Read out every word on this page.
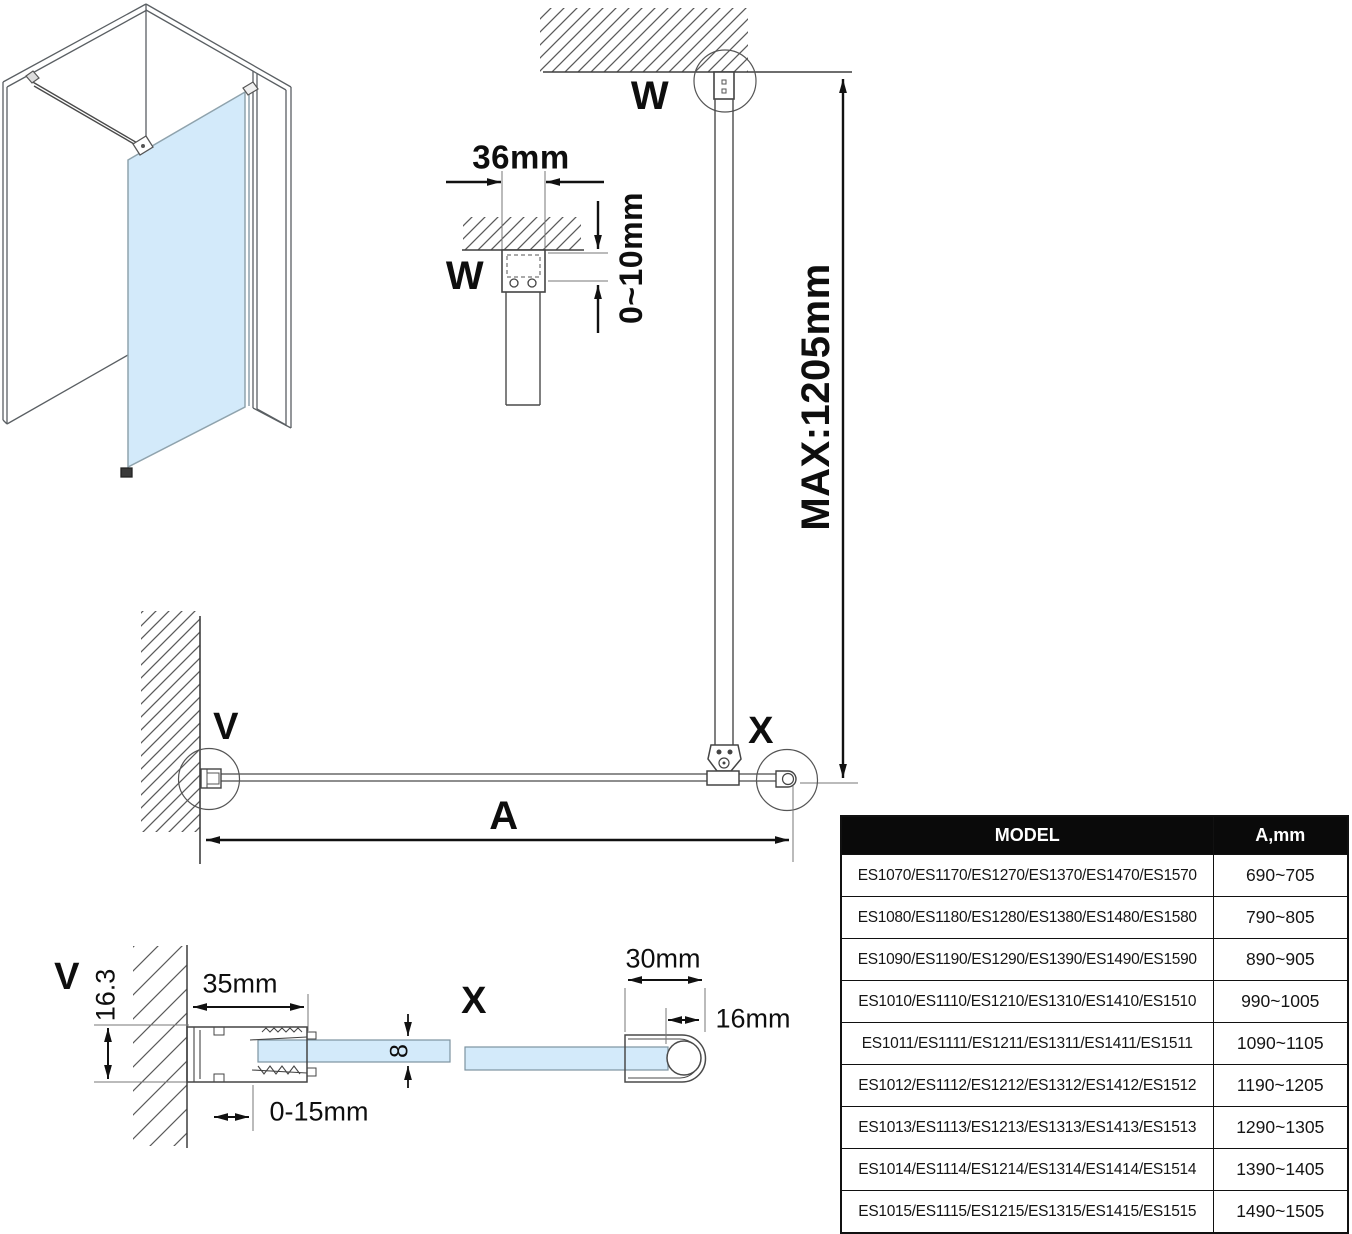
36mm
W	0~10mm
W
MAX:1205mm
V	X
A
V 16.3	35mm
0-15mm
8
X
30mm
16mm
MODEL	A,mm
ES1070/ES1170/ES1270/ES1370/ES1470/ES1570	690~705
ES1080/ES1180/ES1280/ES1380/ES1480/ES1580	790~805
ES1090/ES1190/ES1290/ES1390/ES1490/ES1590	890~905
ES1010/ES1110/ES1210/ES1310/ES1410/ES1510	990~1005
ES1011/ES1111/ES1211/ES1311/ES1411/ES1511	1090~1105
ES1012/ES1112/ES1212/ES1312/ES1412/ES1512	1190~1205
ES1013/ES1113/ES1213/ES1313/ES1413/ES1513	1290~1305
ES1014/ES1114/ES1214/ES1314/ES1414/ES1514	1390~1405
ES1015/ES1115/ES1215/ES1315/ES1415/ES1515	1490~1505
